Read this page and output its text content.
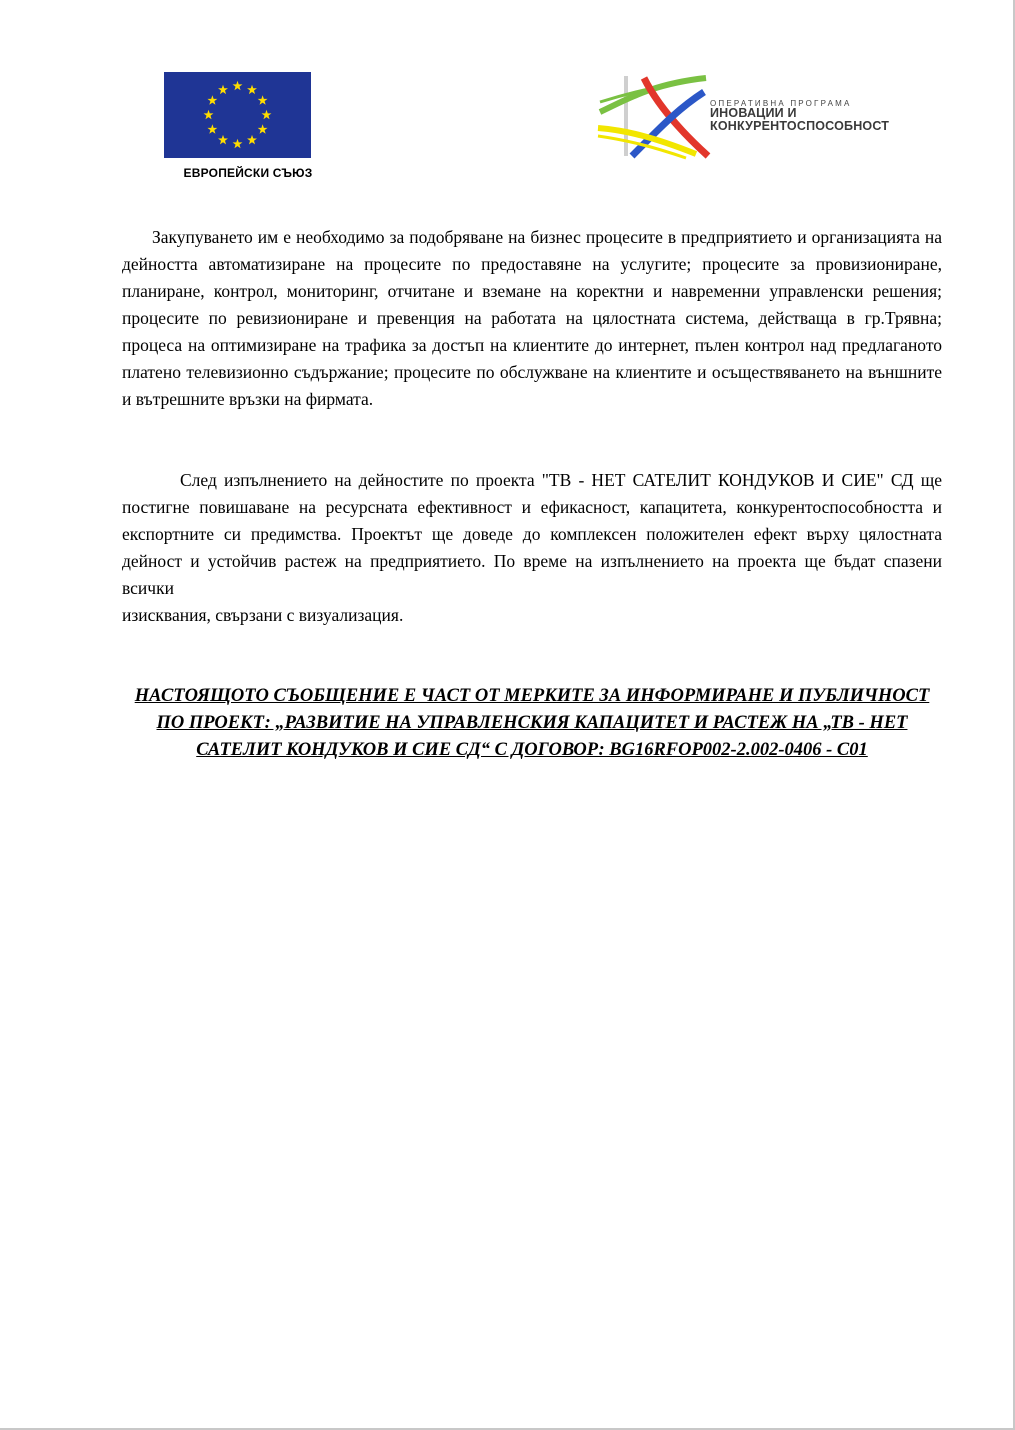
ЕВРОПЕЙСКИ СЪЮЗ
ОПЕРАТИВНА ПРОГРАМА
ИНОВАЦИИ И
КОНКУРЕНТОСПОСОБНОСТ

Закупуването им е необходимо за подобряване на бизнес процесите в предприятието и организацията на дейността автоматизиране на процесите по предоставяне на услугите; процесите за провизиониране, планиране, контрол, мониторинг, отчитане и вземане на коректни и навременни управленски решения; процесите по ревизиониране и превенция на работата на цялостната система, действаща в гр.Трявна; процеса на оптимизиране на трафика за достъп на клиентите до интернет, пълен контрол над предлаганото платено телевизионно съдържание; процесите по обслужване на клиентите и осъществяването на външните и вътрешните връзки на фирмата.

След изпълнението на дейностите по проекта "ТВ - НЕТ САТЕЛИТ КОНДУКОВ И СИЕ" СД ще постигне повишаване на ресурсната ефективност и ефикасност, капацитета, конкурентоспособността и експортните си предимства. Проектът ще доведе до комплексен положителен ефект върху цялостната дейност и устойчив растеж на предприятието. По време на изпълнението на проекта ще бъдат спазени всички

изисквания, свързани с визуализация.

НАСТОЯЩОТО СЪОБЩЕНИЕ Е ЧАСТ ОТ МЕРКИТЕ ЗА ИНФОРМИРАНЕ И ПУБЛИЧНОСТ ПО ПРОЕКТ: „РАЗВИТИЕ НА УПРАВЛЕНСКИЯ КАПАЦИТЕТ И РАСТЕЖ НА „ТВ - НЕТ САТЕЛИТ КОНДУКОВ И СИЕ СД“ С ДОГОВОР: BG16RFOP002-2.002-0406 - C01
